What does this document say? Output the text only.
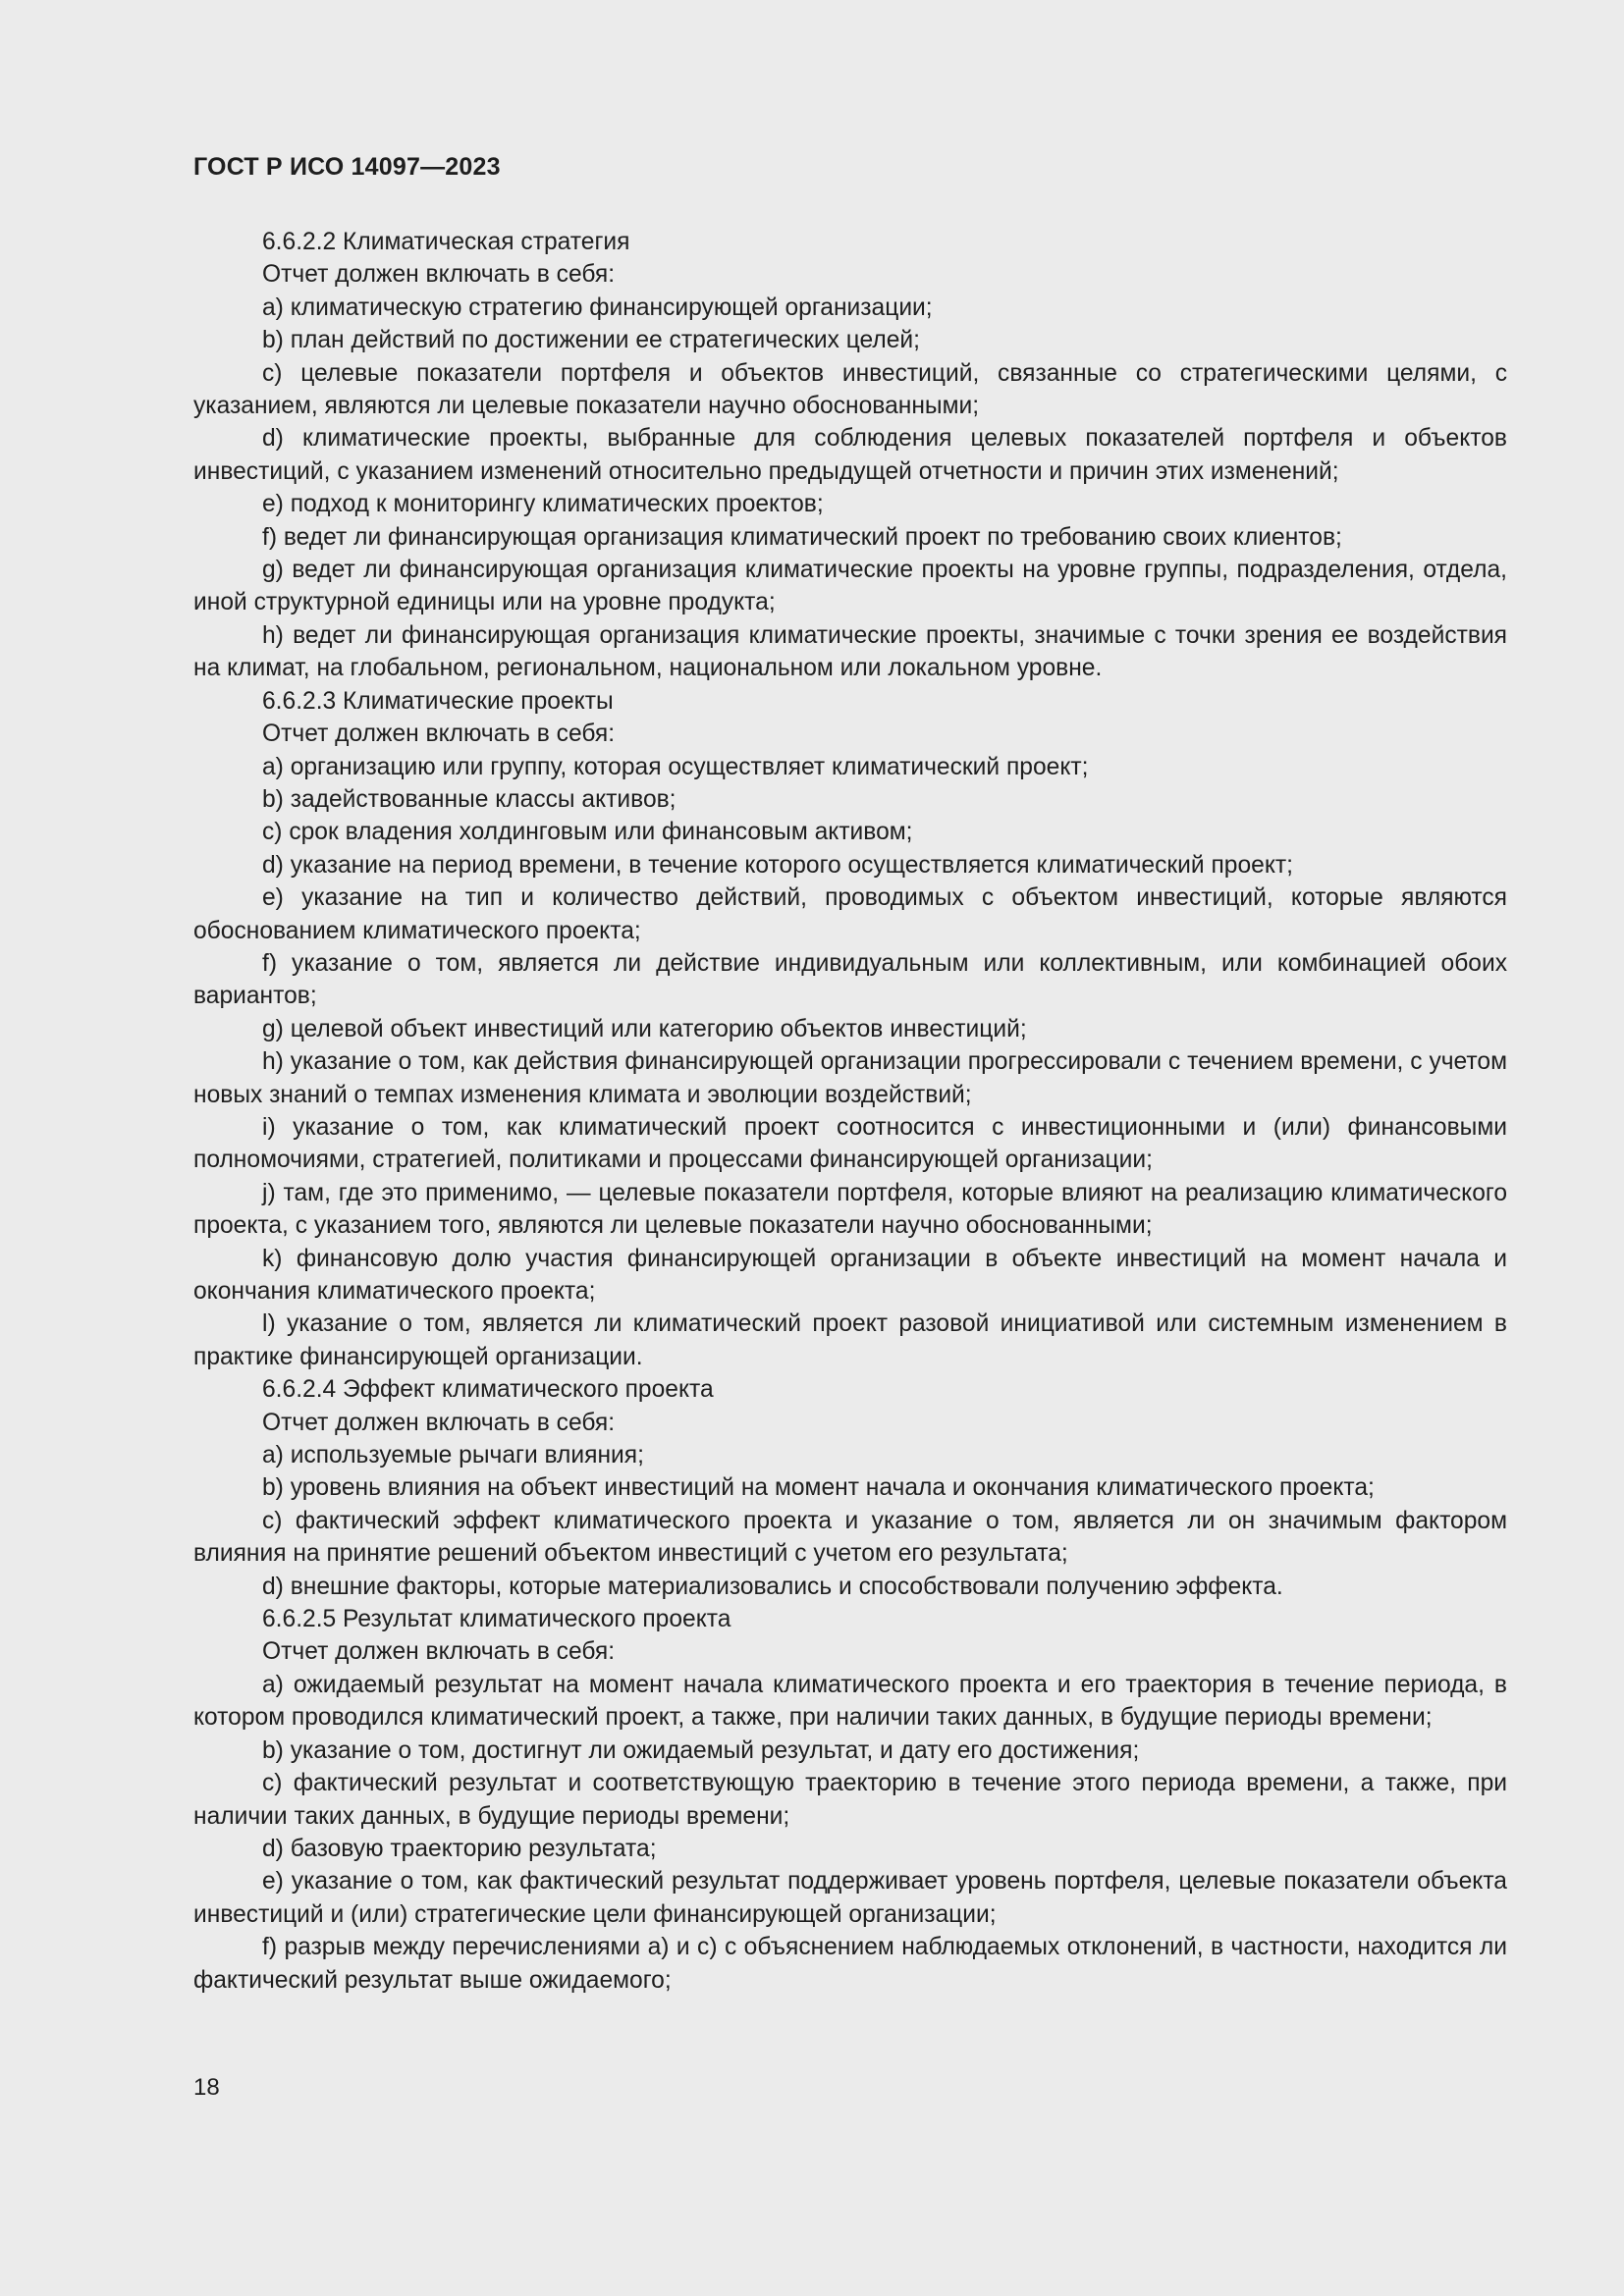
ГОСТ Р ИСО 14097—2023

6.6.2.2 Климатическая стратегия

Отчет должен включать в себя:

а) климатическую стратегию финансирующей организации;

b) план действий по достижении ее стратегических целей;

с) целевые показатели портфеля и объектов инвестиций, связанные со стратегическими целями, с указанием, являются ли целевые показатели научно обоснованными;

d) климатические проекты, выбранные для соблюдения целевых показателей портфеля и объектов инвестиций, с указанием изменений относительно предыдущей отчетности и причин этих изменений;

е) подход к мониторингу климатических проектов;

f) ведет ли финансирующая организация климатический проект по требованию своих клиентов;

g) ведет ли финансирующая организация климатические проекты на уровне группы, подразделения, отдела, иной структурной единицы или на уровне продукта;

h) ведет ли финансирующая организация климатические проекты, значимые с точки зрения ее воздействия на климат, на глобальном, региональном, национальном или локальном уровне.

6.6.2.3 Климатические проекты

Отчет должен включать в себя:

а) организацию или группу, которая осуществляет климатический проект;

b) задействованные классы активов;

с) срок владения холдинговым или финансовым активом;

d) указание на период времени, в течение которого осуществляется климатический проект;

е) указание на тип и количество действий, проводимых с объектом инвестиций, которые являются обоснованием климатического проекта;

f) указание о том, является ли действие индивидуальным или коллективным, или комбинацией обоих вариантов;

g) целевой объект инвестиций или категорию объектов инвестиций;

h) указание о том, как действия финансирующей организации прогрессировали с течением времени, с учетом новых знаний о темпах изменения климата и эволюции воздействий;

i) указание о том, как климатический проект соотносится с инвестиционными и (или) финансовыми полномочиями, стратегией, политиками и процессами финансирующей организации;

j) там, где это применимо, — целевые показатели портфеля, которые влияют на реализацию климатического проекта, с указанием того, являются ли целевые показатели научно обоснованными;

k) финансовую долю участия финансирующей организации в объекте инвестиций на момент начала и окончания климатического проекта;

l) указание о том, является ли климатический проект разовой инициативой или системным изменением в практике финансирующей организации.

6.6.2.4 Эффект климатического проекта

Отчет должен включать в себя:

а) используемые рычаги влияния;

b) уровень влияния на объект инвестиций на момент начала и окончания климатического проекта;

с) фактический эффект климатического проекта и указание о том, является ли он значимым фактором влияния на принятие решений объектом инвестиций с учетом его результата;

d) внешние факторы, которые материализовались и способствовали получению эффекта.

6.6.2.5 Результат климатического проекта

Отчет должен включать в себя:

а) ожидаемый результат на момент начала климатического проекта и его траектория в течение периода, в котором проводился климатический проект, а также, при наличии таких данных, в будущие периоды времени;

b) указание о том, достигнут ли ожидаемый результат, и дату его достижения;

с) фактический результат и соответствующую траекторию в течение этого периода времени, а также, при наличии таких данных, в будущие периоды времени;

d) базовую траекторию результата;

е) указание о том, как фактический результат поддерживает уровень портфеля, целевые показатели объекта инвестиций и (или) стратегические цели финансирующей организации;

f) разрыв между перечислениями а) и с) с объяснением наблюдаемых отклонений, в частности, находится ли фактический результат выше ожидаемого;

18
